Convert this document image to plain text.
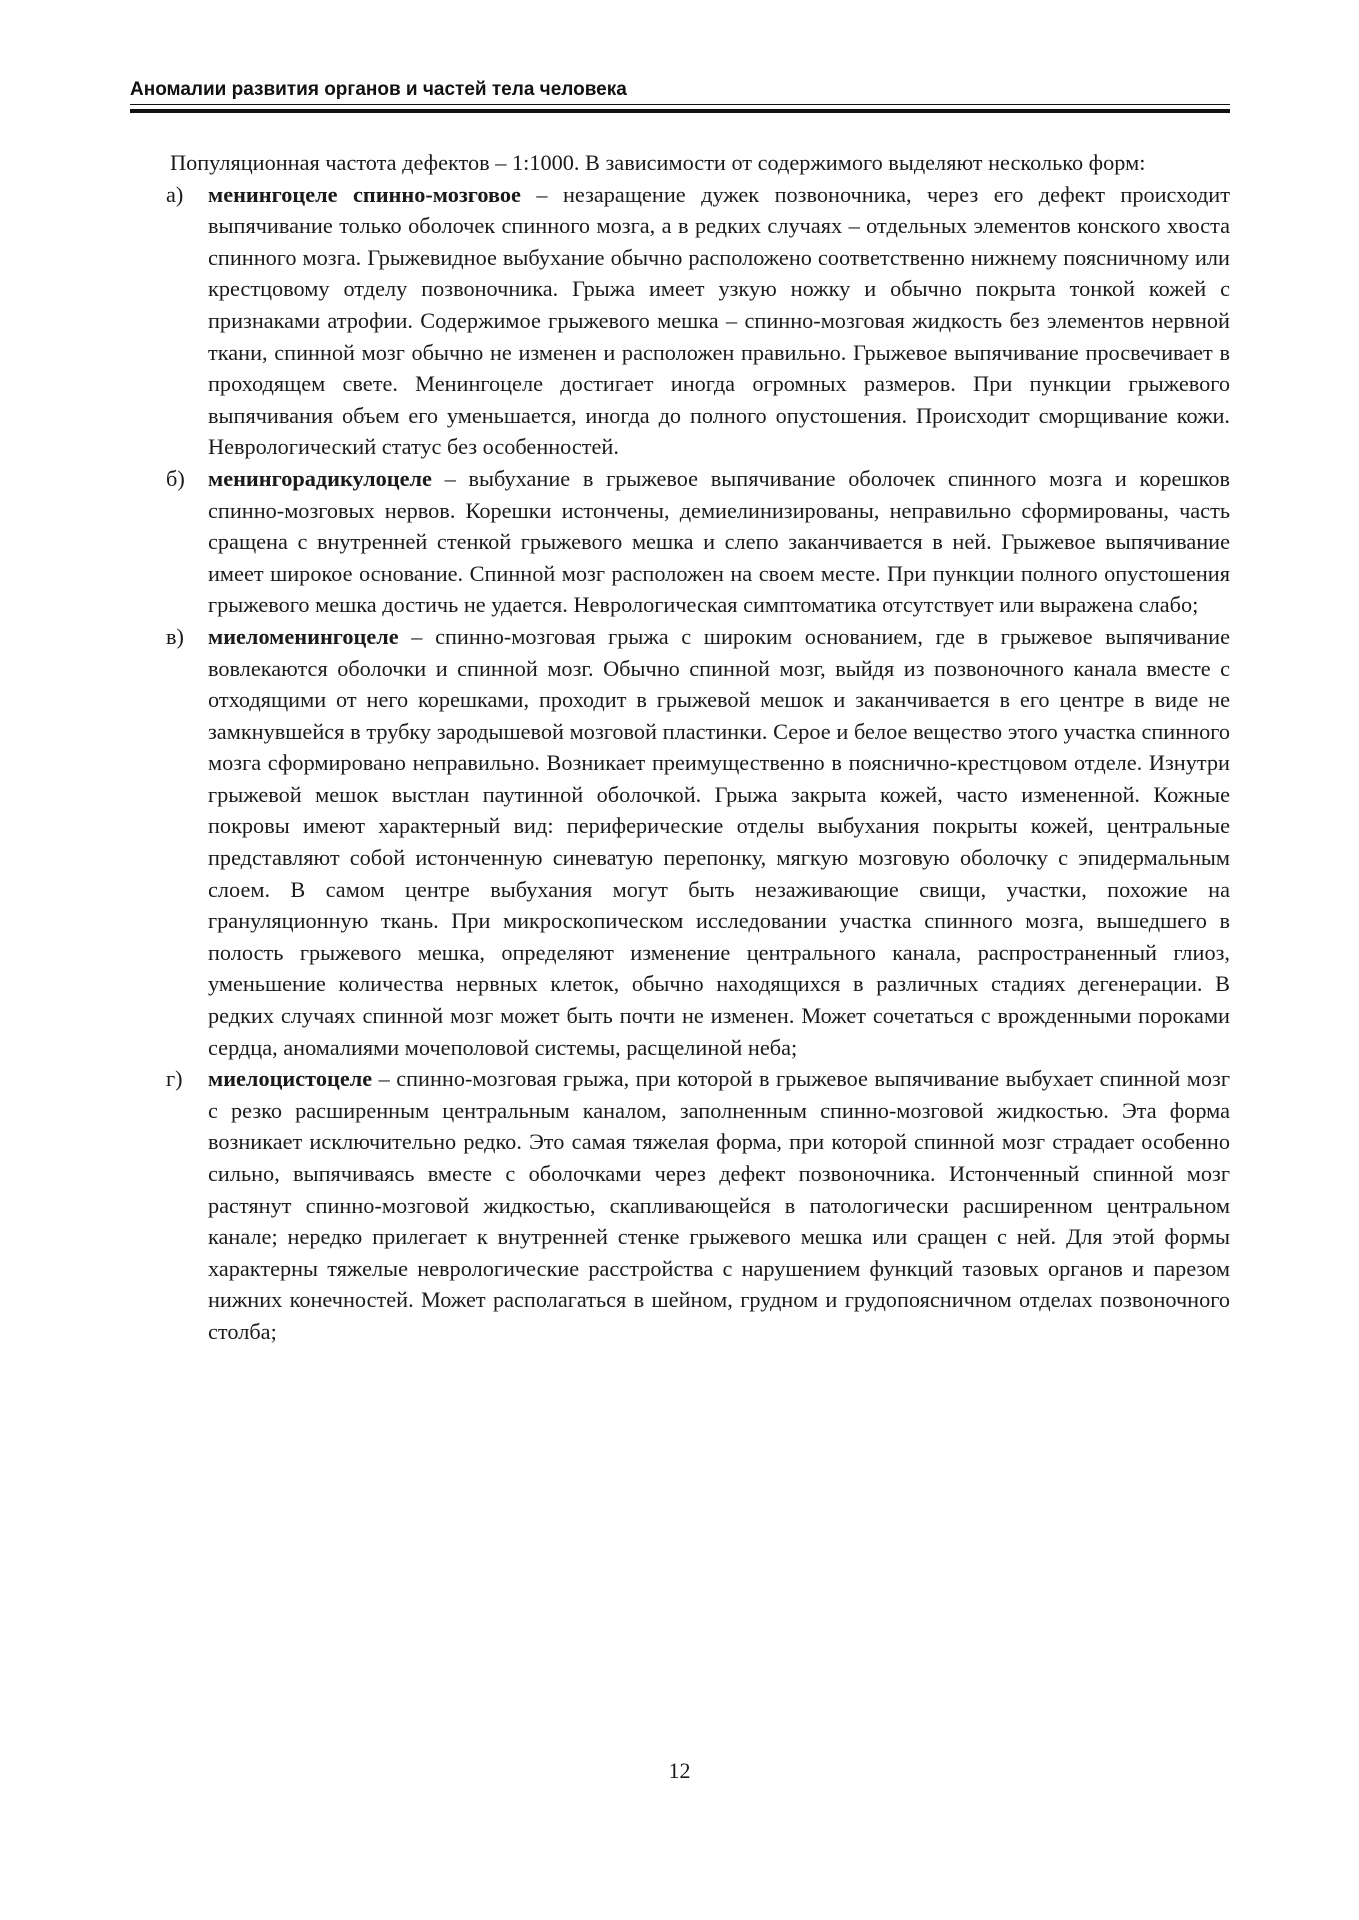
Аномалии развития органов и частей тела человека

Популяционная частота дефектов – 1:1000. В зависимости от содержимого выделяют несколько форм:

а) менингоцеле спинно-мозговое – незаращение дужек позвоночника, через его дефект происходит выпячивание только оболочек спинного мозга, а в редких случаях – отдельных элементов конского хвоста спинного мозга. Грыжевидное выбухание обычно расположено соответственно нижнему поясничному или крестцовому отделу позвоночника. Грыжа имеет узкую ножку и обычно покрыта тонкой кожей с признаками атрофии. Содержимое грыжевого мешка – спинно-мозговая жидкость без элементов нервной ткани, спинной мозг обычно не изменен и расположен правильно. Грыжевое выпячивание просвечивает в проходящем свете. Менингоцеле достигает иногда огромных размеров. При пункции грыжевого выпячивания объем его уменьшается, иногда до полного опустошения. Происходит сморщивание кожи. Неврологический статус без особенностей.
б) менингорадикулоцеле – выбухание в грыжевое выпячивание оболочек спинного мозга и корешков спинно-мозговых нервов. Корешки истончены, демиелинизированы, неправильно сформированы, часть сращена с внутренней стенкой грыжевого мешка и слепо заканчивается в ней. Грыжевое выпячивание имеет широкое основание. Спинной мозг расположен на своем месте. При пункции полного опустошения грыжевого мешка достичь не удается. Неврологическая симптоматика отсутствует или выражена слабо;
в) миеломенингоцеле – спинно-мозговая грыжа с широким основанием, где в грыжевое выпячивание вовлекаются оболочки и спинной мозг. Обычно спинной мозг, выйдя из позвоночного канала вместе с отходящими от него корешками, проходит в грыжевой мешок и заканчивается в его центре в виде не замкнувшейся в трубку зародышевой мозговой пластинки. Серое и белое вещество этого участка спинного мозга сформировано неправильно. Возникает преимущественно в пояснично-крестцовом отделе. Изнутри грыжевой мешок выстлан паутинной оболочкой. Грыжа закрыта кожей, часто измененной. Кожные покровы имеют характерный вид: периферические отделы выбухания покрыты кожей, центральные представляют собой истонченную синеватую перепонку, мягкую мозговую оболочку с эпидермальным слоем. В самом центре выбухания могут быть незаживающие свищи, участки, похожие на грануляционную ткань. При микроскопическом исследовании участка спинного мозга, вышедшего в полость грыжевого мешка, определяют изменение центрального канала, распространенный глиоз, уменьшение количества нервных клеток, обычно находящихся в различных стадиях дегенерации. В редких случаях спинной мозг может быть почти не изменен. Может сочетаться с врожденными пороками сердца, аномалиями мочеполовой системы, расщелиной неба;
г) миелоцистоцеле – спинно-мозговая грыжа, при которой в грыжевое выпячивание выбухает спинной мозг с резко расширенным центральным каналом, заполненным спинно-мозговой жидкостью. Эта форма возникает исключительно редко. Это самая тяжелая форма, при которой спинной мозг страдает особенно сильно, выпячиваясь вместе с оболочками через дефект позвоночника. Истонченный спинной мозг растянут спинно-мозговой жидкостью, скапливающейся в патологически расширенном центральном канале; нередко прилегает к внутренней стенке грыжевого мешка или сращен с ней. Для этой формы характерны тяжелые неврологические расстройства с нарушением функций тазовых органов и парезом нижних конечностей. Может располагаться в шейном, грудном и грудопоясничном отделах позвоночного столба;
12
